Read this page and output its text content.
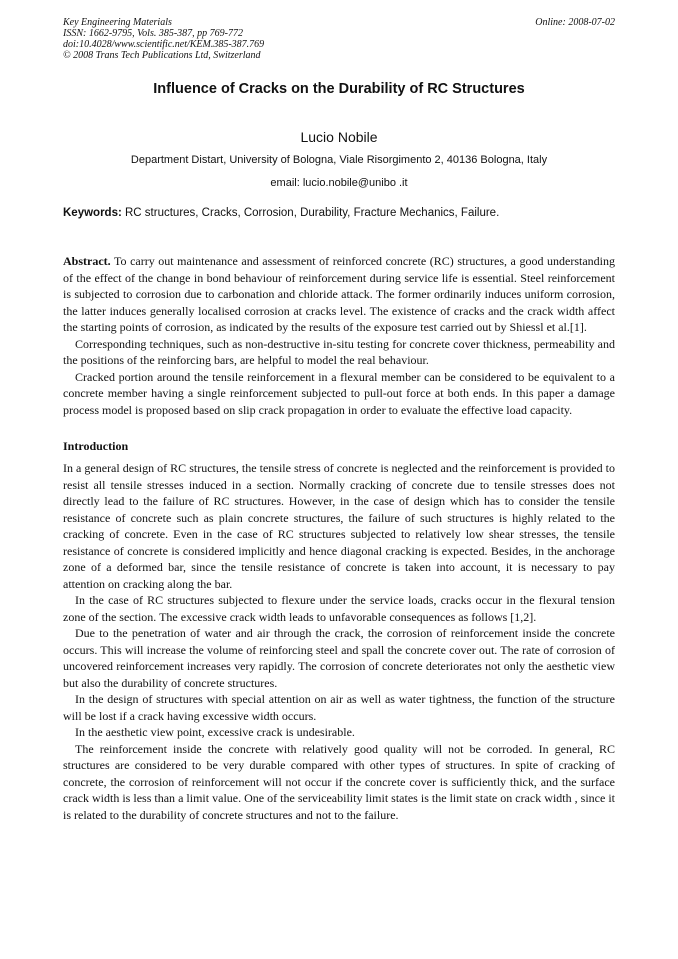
Key Engineering Materials
ISSN: 1662-9795, Vols. 385-387, pp 769-772
doi:10.4028/www.scientific.net/KEM.385-387.769
© 2008 Trans Tech Publications Ltd, Switzerland
Online: 2008-07-02
Influence of Cracks on the Durability of RC Structures
Lucio Nobile
Department Distart, University of Bologna, Viale Risorgimento 2, 40136 Bologna, Italy
email: lucio.nobile@unibo .it
Keywords: RC structures, Cracks, Corrosion, Durability, Fracture Mechanics, Failure.

Abstract. To carry out maintenance and assessment of reinforced concrete (RC) structures, a good understanding of the effect of the change in bond behaviour of reinforcement during service life is essential. Steel reinforcement is subjected to corrosion due to carbonation and chloride attack. The former ordinarily induces uniform corrosion, the latter induces generally localised corrosion at cracks level. The existence of cracks and the crack width affect the starting points of corrosion, as indicated by the results of the exposure test carried out by Shiessl et al.[1].

Corresponding techniques, such as non-destructive in-situ testing for concrete cover thickness, permeability and the positions of the reinforcing bars, are helpful to model the real behaviour.

Cracked portion around the tensile reinforcement in a flexural member can be considered to be equivalent to a concrete member having a single reinforcement subjected to pull-out force at both ends. In this paper a damage process model is proposed based on slip crack propagation in order to evaluate the effective load capacity.

Introduction

In a general design of RC structures, the tensile stress of concrete is neglected and the reinforcement is provided to resist all tensile stresses induced in a section. Normally cracking of concrete due to tensile stresses does not directly lead to the failure of RC structures. However, in the case of design which has to consider the tensile resistance of concrete such as plain concrete structures, the failure of such structures is highly related to the cracking of concrete. Even in the case of RC structures subjected to relatively low shear stresses, the tensile resistance of concrete is considered implicitly and hence diagonal cracking is expected. Besides, in the anchorage zone of a deformed bar, since the tensile resistance of concrete is taken into account, it is necessary to pay attention on cracking along the bar.

In the case of RC structures subjected to flexure under the service loads, cracks occur in the flexural tension zone of the section. The excessive crack width leads to unfavorable consequences as follows [1,2].

Due to the penetration of water and air through the crack, the corrosion of reinforcement inside the concrete occurs. This will increase the volume of reinforcing steel and spall the concrete cover out. The rate of corrosion of uncovered reinforcement increases very rapidly. The corrosion of concrete deteriorates not only the aesthetic view but also the durability of concrete structures.

In the design of structures with special attention on air as well as water tightness, the function of the structure will be lost if a crack having excessive width occurs.

In the aesthetic view point, excessive crack is undesirable.

The reinforcement inside the concrete with relatively good quality will not be corroded. In general, RC structures are considered to be very durable compared with other types of structures. In spite of cracking of concrete, the corrosion of reinforcement will not occur if the concrete cover is sufficiently thick, and the surface crack width is less than a limit value. One of the serviceability limit states is the limit state on crack width , since it is related to the durability of concrete structures and not to the failure.
